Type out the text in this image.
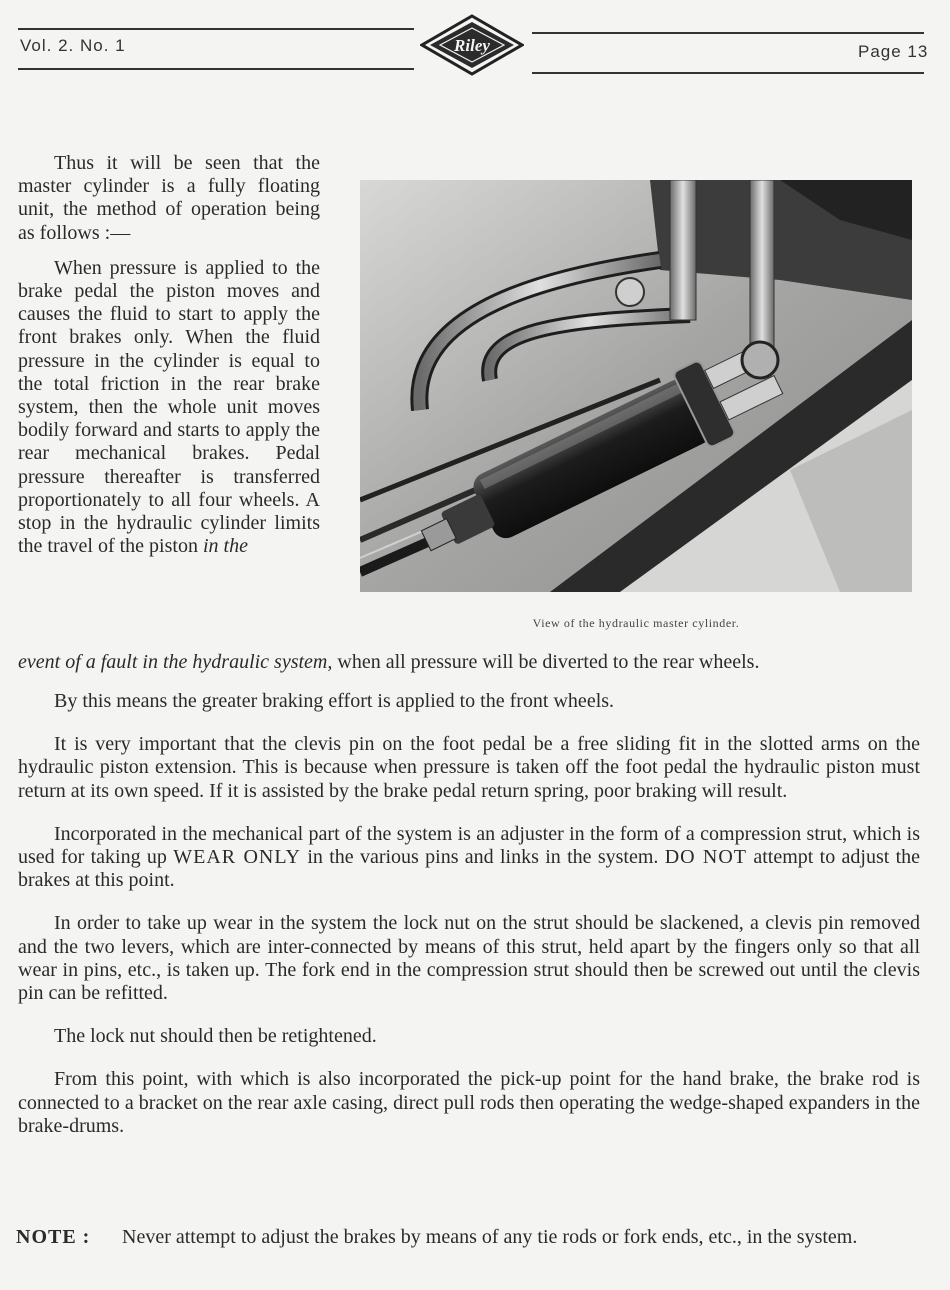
Vol. 2. No. 1	Page 13
Riley

Thus it will be seen that the master cylinder is a fully floating unit, the method of operation being as follows :—

When pressure is applied to the brake pedal the piston moves and causes the fluid to start to apply the front brakes only. When the fluid pressure in the cylinder is equal to the total friction in the rear brake system, then the whole unit moves bodily forward and starts to apply the rear mechanical brakes. Pedal pressure thereafter is transferred proportionately to all four wheels. A stop in the hydraulic cylinder limits the travel of the piston in the

View of the hydraulic master cylinder.
event of a fault in the hydraulic system, when all pressure will be diverted to the rear wheels.

By this means the greater braking effort is applied to the front wheels.

It is very important that the clevis pin on the foot pedal be a free sliding fit in the slotted arms on the hydraulic piston extension. This is because when pressure is taken off the foot pedal the hydraulic piston must return at its own speed. If it is assisted by the brake pedal return spring, poor braking will result.

Incorporated in the mechanical part of the system is an adjuster in the form of a compression strut, which is used for taking up WEAR ONLY in the various pins and links in the system. DO NOT attempt to adjust the brakes at this point.

In order to take up wear in the system the lock nut on the strut should be slackened, a clevis pin removed and the two levers, which are inter-connected by means of this strut, held apart by the fingers only so that all wear in pins, etc., is taken up. The fork end in the compression strut should then be screwed out until the clevis pin can be refitted.

The lock nut should then be retightened.

From this point, with which is also incorporated the pick-up point for the hand brake, the brake rod is connected to a bracket on the rear axle casing, direct pull rods then operating the wedge-shaped expanders in the brake-drums.

NOTE : Never attempt to adjust the brakes by means of any tie rods or fork ends, etc., in the system.
